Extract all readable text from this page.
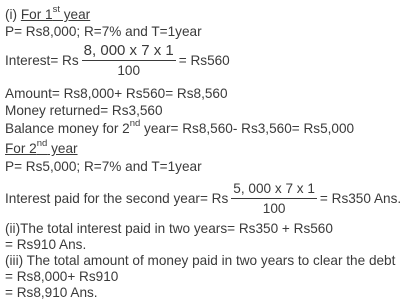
(i) For 1st year
P= Rs8,000; R=7% and T=1year
Interest= Rs $\frac{8, 000 x 7 x 1}{100} = Rs560$
Amount= Rs8,000+ Rs560= Rs8,560
Money returned= Rs3,560
Balance money for 2nd year= Rs8,560- Rs3,560= Rs5,000
For 2nd year
P= Rs5,000; R=7% and T=1year
Interest paid for the second year= Rs $\frac{5, 000 x 7 x 1}{100} = Rs350$ Ans.
(ii)The total interest paid in two years= Rs350 + Rs560
= Rs910 Ans.
(iii) The total amount of money paid in two years to clear the debt
= Rs8,000+ Rs910
= Rs8,910 Ans.
